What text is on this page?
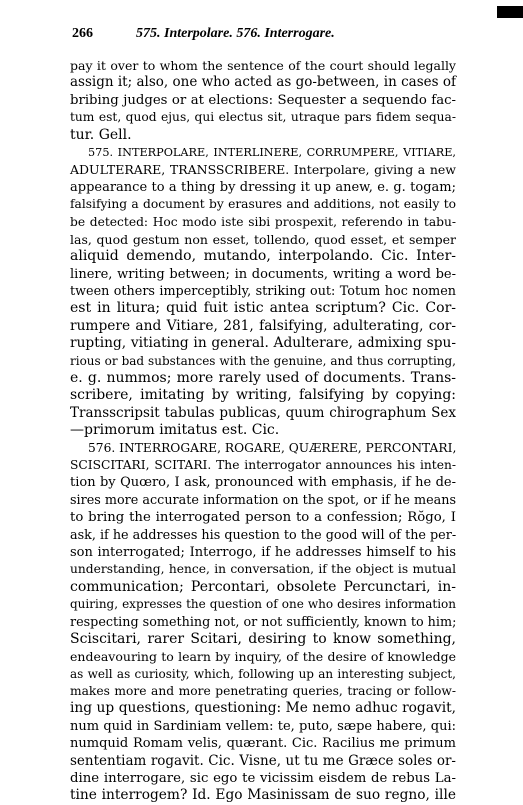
266	575. Interpolare. 576. Interrogare.
pay it over to whom the sentence of the court should legally
assign it; also, one who acted as go-between, in cases of
bribing judges or at elections: Sequester a sequendo fac-
tum est, quod ejus, qui electus sit, utraque pars fidem sequa-
tur. Gell.
575. INTERPOLARE, INTERLINERE, CORRUMPERE, VITIARE,
ADULTERARE, TRANSSCRIBERE. Interpolare, giving a new
appearance to a thing by dressing it up anew, e. g. togam;
falsifying a document by erasures and additions, not easily to
be detected: Hoc modo iste sibi prospexit, referendo in tabu-
las, quod gestum non esset, tollendo, quod esset, et semper
aliquid demendo, mutando, interpolando. Cic. Inter-
linere, writing between; in documents, writing a word be-
tween others imperceptibly, striking out: Totum hoc nomen
est in litura; quid fuit istic antea scriptum? Cic. Cor-
rumpere and Vitiare, 281, falsifying, adulterating, cor-
rupting, vitiating in general. Adulterare, admixing spu-
rious or bad substances with the genuine, and thus corrupting,
e. g. nummos; more rarely used of documents. Trans-
scribere, imitating by writing, falsifying by copying:
Transscripsit tabulas publicas, quum chirographum Sex
—primorum imitatus est. Cic.
576. INTERROGARE, ROGARE, QUÆRERE, PERCONTARI,
SCISCITARI, SCITARI. The interrogator announces his inten-
tion by Quœro, I ask, pronounced with emphasis, if he de-
sires more accurate information on the spot, or if he means
to bring the interrogated person to a confession; Rŏgo, I
ask, if he addresses his question to the good will of the per-
son interrogated; Interrogo, if he addresses himself to his
understanding, hence, in conversation, if the object is mutual
communication; Percontari, obsolete Percunctari, in-
quiring, expresses the question of one who desires information
respecting something not, or not sufficiently, known to him;
Sciscitari, rarer Scitari, desiring to know something,
endeavouring to learn by inquiry, of the desire of knowledge
as well as curiosity, which, following up an interesting subject,
makes more and more penetrating queries, tracing or follow-
ing up questions, questioning: Me nemo adhuc rogavit,
num quid in Sardiniam vellem: te, puto, sæpe habere, qui:
numquid Romam velis, quærant. Cic. Racilius me primum
sententiam rogavit. Cic. Visne, ut tu me Græce soles or-
dine interrogare, sic ego te vicissim eisdem de rebus La-
tine interrogem? Id. Ego Masinissam de suo regno, ille
